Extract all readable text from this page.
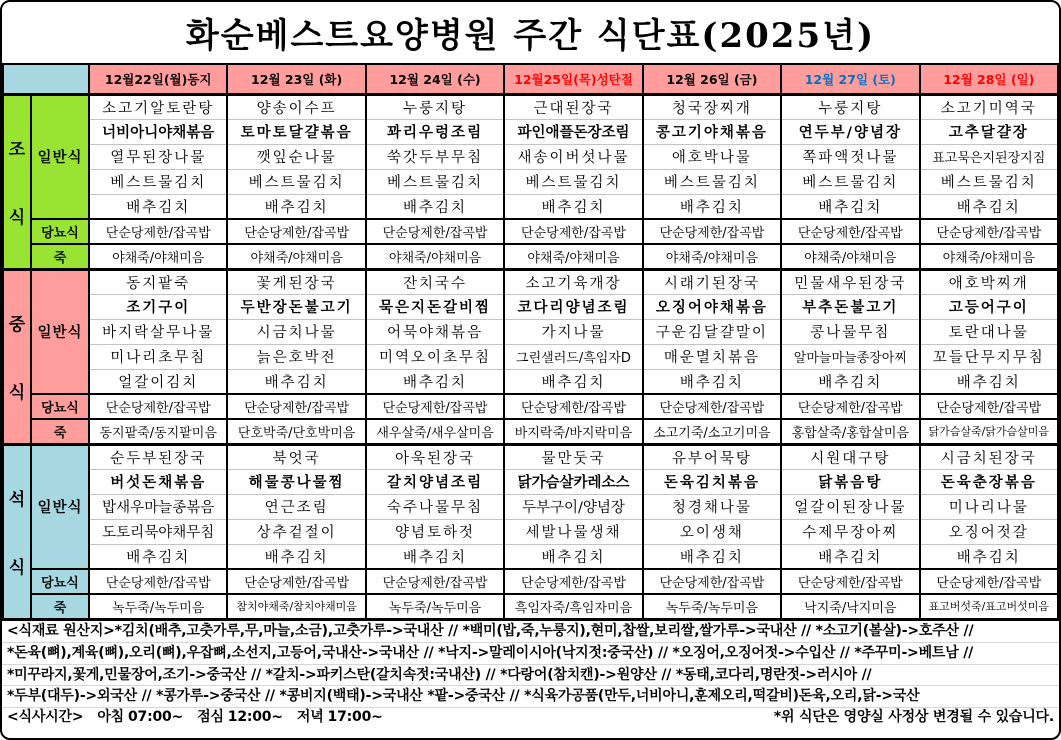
화순베스트요양병원 주간 식단표(2025년)
		12월22일(월)동지	12월 23일 (화)	12월 24일 (수)	12월25일(목)성탄절	12월 26일 (금)	12월 27일 (토)	12월 28일 (일)

조
식	일반식	소고기알토란탕	양송이수프	누룽지탕	근대된장국	청국장찌개	누룽지탕	소고기미역국
		너비아니야채볶음	토마토달걀볶음	꽈리우렁조림	파인애플돈장조림	콩고기야채볶음	연두부/양념장	고추달걀장
		열무된장나물	깻잎순나물	쑥갓두부무침	새송이버섯나물	애호박나물	쪽파액젓나물	표고묵은지된장지짐
		베스트물김치	베스트물김치	베스트물김치	베스트물김치	베스트물김치	베스트물김치	베스트물김치
		배추김치	배추김치	배추김치	배추김치	배추김치	배추김치	배추김치
	당뇨식	단순당제한/잡곡밥	단순당제한/잡곡밥	단순당제한/잡곡밥	단순당제한/잡곡밥	단순당제한/잡곡밥	단순당제한/잡곡밥	단순당제한/잡곡밥
	죽	야채죽/야채미음	야채죽/야채미음	야채죽/야채미음	야채죽/야채미음	야채죽/야채미음	야채죽/야채미음	야채죽/야채미음

중
식	일반식	동지팥죽	꽃게된장국	잔치국수	소고기육개장	시래기된장국	민물새우된장국	애호박찌개
		조기구이	두반장돈불고기	묵은지돈갈비찜	코다리양념조림	오징어야채볶음	부추돈불고기	고등어구이
		바지락살무나물	시금치나물	어묵야채볶음	가지나물	구운김달걀말이	콩나물무침	토란대나물
		미나리초무침	늙은호박전	미역오이초무침	그린샐러드/흑임자D	매운멸치볶음	알마늘마늘종장아찌	꼬들단무지무침
		얼갈이김치	배추김치	배추김치	배추김치	배추김치	배추김치	배추김치
	당뇨식	단순당제한/잡곡밥	단순당제한/잡곡밥	단순당제한/잡곡밥	단순당제한/잡곡밥	단순당제한/잡곡밥	단순당제한/잡곡밥	단순당제한/잡곡밥
	죽	동지팥죽/동지팥미음	단호박죽/단호박미음	새우살죽/새우살미음	바지락죽/바지락미음	소고기죽/소고기미음	홍합살죽/홍합살미음	닭가슴살죽/닭가슴살미음

석
식	일반식	순두부된장국	북엇국	아욱된장국	물만둣국	유부어묵탕	시원대구탕	시금치된장국
		버섯돈채볶음	해물콩나물찜	갈치양념조림	닭가슴살카레소스	돈육김치볶음	닭볶음탕	돈육춘장볶음
		밥새우마늘종볶음	연근조림	숙주나물무침	두부구이/양념장	청경채나물	얼갈이된장나물	미나리나물
		도토리묵야채무침	상추겉절이	양념토하젓	세발나물생채	오이생채	수제무장아찌	오징어젓갈
		배추김치	배추김치	배추김치	배추김치	배추김치	배추김치	배추김치
	당뇨식	단순당제한/잡곡밥	단순당제한/잡곡밥	단순당제한/잡곡밥	단순당제한/잡곡밥	단순당제한/잡곡밥	단순당제한/잡곡밥	단순당제한/잡곡밥
	죽	녹두죽/녹두미음	참치야채죽/참치야채미음	녹두죽/녹두미음	흑임자죽/흑임자미음	녹두죽/녹두미음	낙지죽/낙지미음	표고버섯죽/표고버섯미음
<식재료 원산지>*김치(배추,고춧가루,무,마늘,소금),고춧가루->국내산 // *백미(밥,죽,누룽지),현미,찹쌀,보리쌀,쌀가루->국내산 // *소고기(볼살)->호주산 //
*돈육(뼈),계육(뼈),오리(뼈),우잡뼈,소선지,고등어,국내산->국내산 // *낙지->말레이시아(낙지젓:중국산) // *오징어,오징어젓->수입산 // *주꾸미->베트남 //
*미꾸라지,꽃게,민물장어,조기->중국산 // *갈치->파키스탄(갈치속젓:국내산) // *다랑어(참치캔)->원양산 // *동태,코다리,명란젓->러시아 //
*두부(대두)->외국산 // *콩가루->중국산 // *콩비지(백태)->국내산 *팥->중국산 // *식육가공품(만두,너비아니,훈제오리,떡갈비)돈육,오리,닭->국산
<식사시간> 아침 07:00~ 점심 12:00~ 저녁 17:00~	*위 식단은 영양실 사정상 변경될 수 있습니다.
